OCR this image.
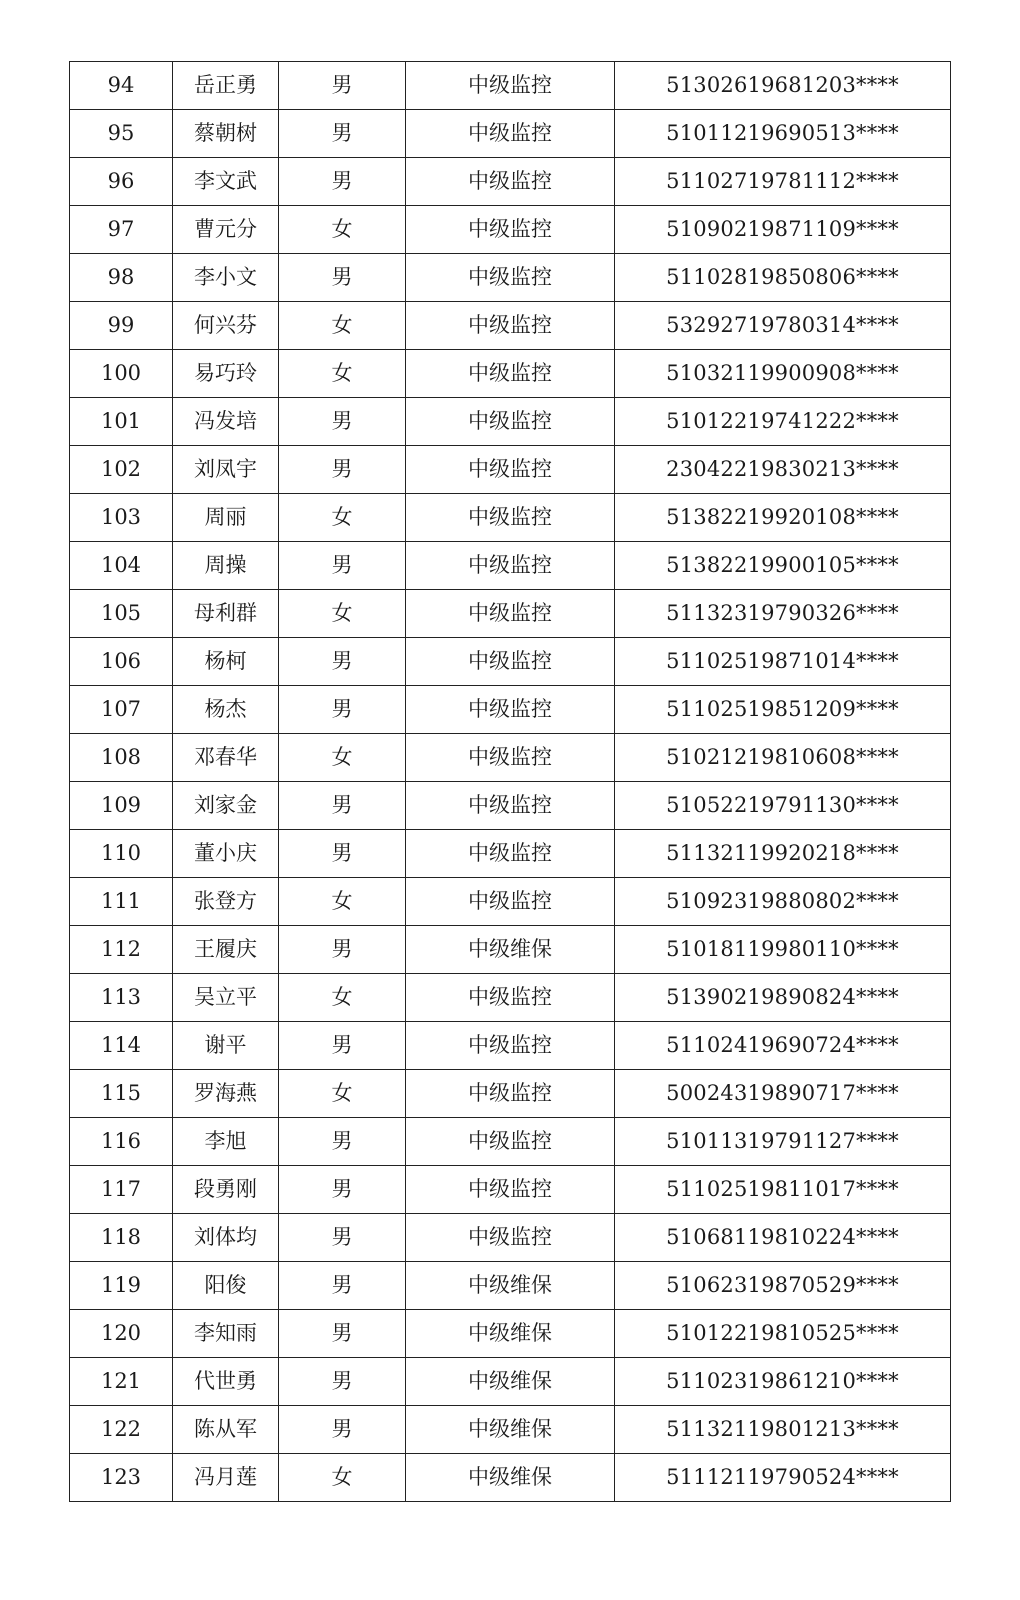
94	岳正勇	男	中级监控	51302619681203****
95	蔡朝树	男	中级监控	51011219690513****
96	李文武	男	中级监控	51102719781112****
97	曹元分	女	中级监控	51090219871109****
98	李小文	男	中级监控	51102819850806****
99	何兴芬	女	中级监控	53292719780314****
100	易巧玲	女	中级监控	51032119900908****
101	冯发培	男	中级监控	51012219741222****
102	刘凤宇	男	中级监控	23042219830213****
103	周丽	女	中级监控	51382219920108****
104	周操	男	中级监控	51382219900105****
105	母利群	女	中级监控	51132319790326****
106	杨柯	男	中级监控	51102519871014****
107	杨杰	男	中级监控	51102519851209****
108	邓春华	女	中级监控	51021219810608****
109	刘家金	男	中级监控	51052219791130****
110	董小庆	男	中级监控	51132119920218****
111	张登方	女	中级监控	51092319880802****
112	王履庆	男	中级维保	51018119980110****
113	吴立平	女	中级监控	51390219890824****
114	谢平	男	中级监控	51102419690724****
115	罗海燕	女	中级监控	50024319890717****
116	李旭	男	中级监控	51011319791127****
117	段勇刚	男	中级监控	51102519811017****
118	刘体均	男	中级监控	51068119810224****
119	阳俊	男	中级维保	51062319870529****
120	李知雨	男	中级维保	51012219810525****
121	代世勇	男	中级维保	51102319861210****
122	陈从军	男	中级维保	51132119801213****
123	冯月莲	女	中级维保	51112119790524****
